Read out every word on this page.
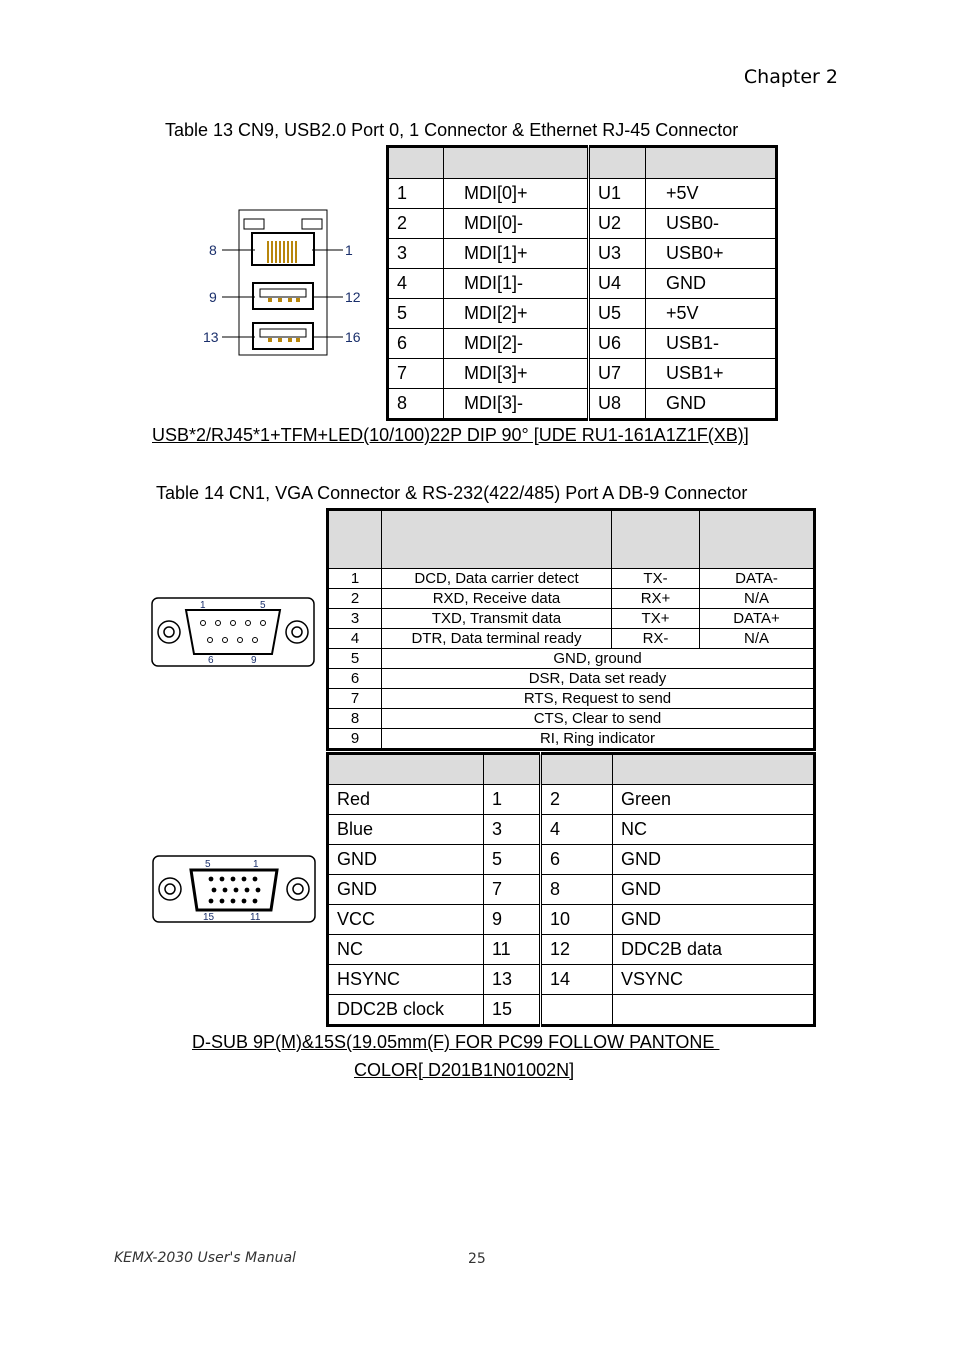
Chapter 2
Table 13 CN9, USB2.0 Port 0, 1 Connector & Ethernet RJ-45 Connector
8	1
9	12
13	16

1	MDI[0]+	U1	+5V
2	MDI[0]-	U2	USB0-
3	MDI[1]+	U3	USB0+
4	MDI[1]-	U4	GND
5	MDI[2]+	U5	+5V
6	MDI[2]-	U6	USB1-
7	MDI[3]+	U7	USB1+
8	MDI[3]-	U8	GND
USB*2/RJ45*1+TFM+LED(10/100)22P DIP 90° [UDE RU1-161A1Z1F(XB)]
Table 14 CN1, VGA Connector & RS-232(422/485) Port A DB-9 Connector
1	5
6	9

1	DCD, Data carrier detect	TX-	DATA-
2	RXD, Receive data	RX+	N/A
3	TXD, Transmit data	TX+	DATA+
4	DTR, Data terminal ready	RX-	N/A
5	GND, ground		
6	DSR, Data set ready		
7	RTS, Request to send		
8	CTS, Clear to send		
9	RI, Ring indicator		
5	1
15	11

Red	1	2	Green
Blue	3	4	NC
GND	5	6	GND
GND	7	8	GND
VCC	9	10	GND
NC	11	12	DDC2B data
HSYNC	13	14	VSYNC
DDC2B clock	15		
D-SUB 9P(M)&15S(19.05mm(F) FOR PC99 FOLLOW PANTONE
COLOR[ D201B1N01002N]
KEMX-2030 User's Manual	25
